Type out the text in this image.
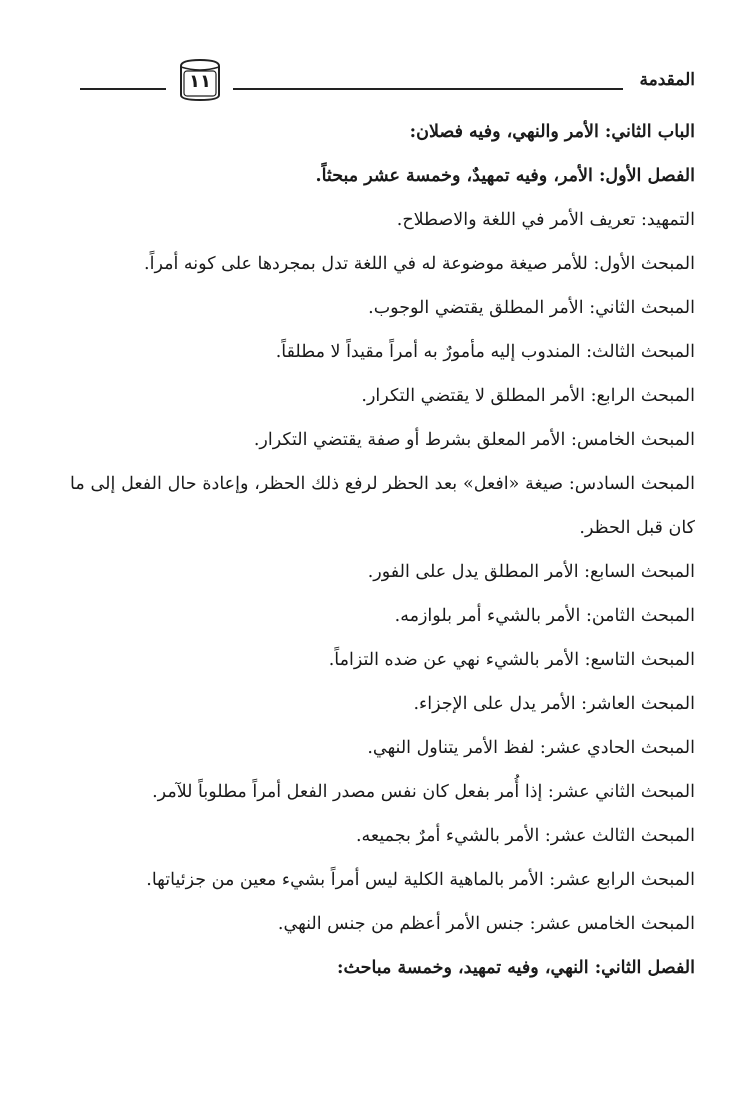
المقدمة
١١
الباب الثاني: الأمر والنهي، وفيه فصلان:
الفصل الأول: الأمر، وفيه تمهيدٌ، وخمسة عشر مبحثاً.
التمهيد: تعريف الأمر في اللغة والاصطلاح.
المبحث الأول: للأمر صيغة موضوعة له في اللغة تدل بمجردها على كونه أمراً.
المبحث الثاني: الأمر المطلق يقتضي الوجوب.
المبحث الثالث: المندوب إليه مأمورٌ به أمراً مقيداً لا مطلقاً.
المبحث الرابع: الأمر المطلق لا يقتضي التكرار.
المبحث الخامس: الأمر المعلق بشرط أو صفة يقتضي التكرار.
المبحث السادس: صيغة «افعل» بعد الحظر لرفع ذلك الحظر، وإعادة حال الفعل إلى ما
كان قبل الحظر.
المبحث السابع: الأمر المطلق يدل على الفور.
المبحث الثامن: الأمر بالشيء أمر بلوازمه.
المبحث التاسع: الأمر بالشيء نهي عن ضده التزاماً.
المبحث العاشر: الأمر يدل على الإجزاء.
المبحث الحادي عشر: لفظ الأمر يتناول النهي.
المبحث الثاني عشر: إذا أُمر بفعل كان نفس مصدر الفعل أمراً مطلوباً للآمر.
المبحث الثالث عشر: الأمر بالشيء أمرٌ بجميعه.
المبحث الرابع عشر: الأمر بالماهية الكلية ليس أمراً بشيء معين من جزئياتها.
المبحث الخامس عشر: جنس الأمر أعظم من جنس النهي.
الفصل الثاني: النهي، وفيه تمهيد، وخمسة مباحث:
